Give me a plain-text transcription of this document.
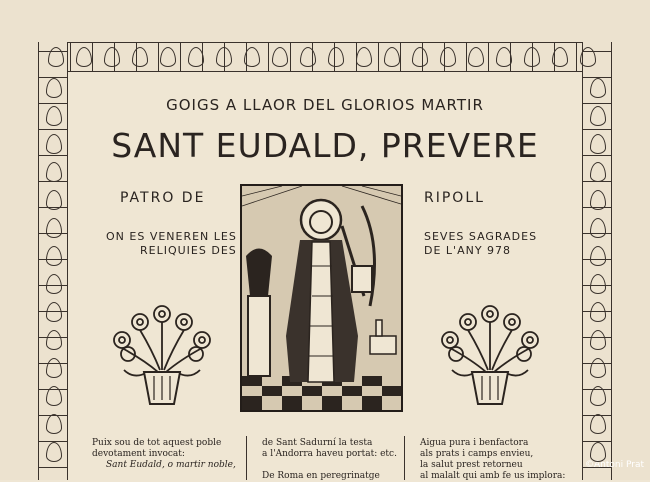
GOIGS A LLAOR DEL GLORIOS MARTIR
SANT EUDALD, PREVERE
PATRO DE	RIPOLL
ON ES VENEREN LES
RELIQUIES DES
SEVES SAGRADES
DE L'ANY 978
Puix sou de tot aquest poble
devotament invocat:
Sant Eudald, o martir noble,
de Sant Sadurní la testa
a l'Andorra haveu portat: etc.
De Roma en peregrinatge
Aigua pura i benfactora
als prats i camps envieu,
la salut prest retorneu
al malalt qui amb fe us implora:
©Antoni Prat
